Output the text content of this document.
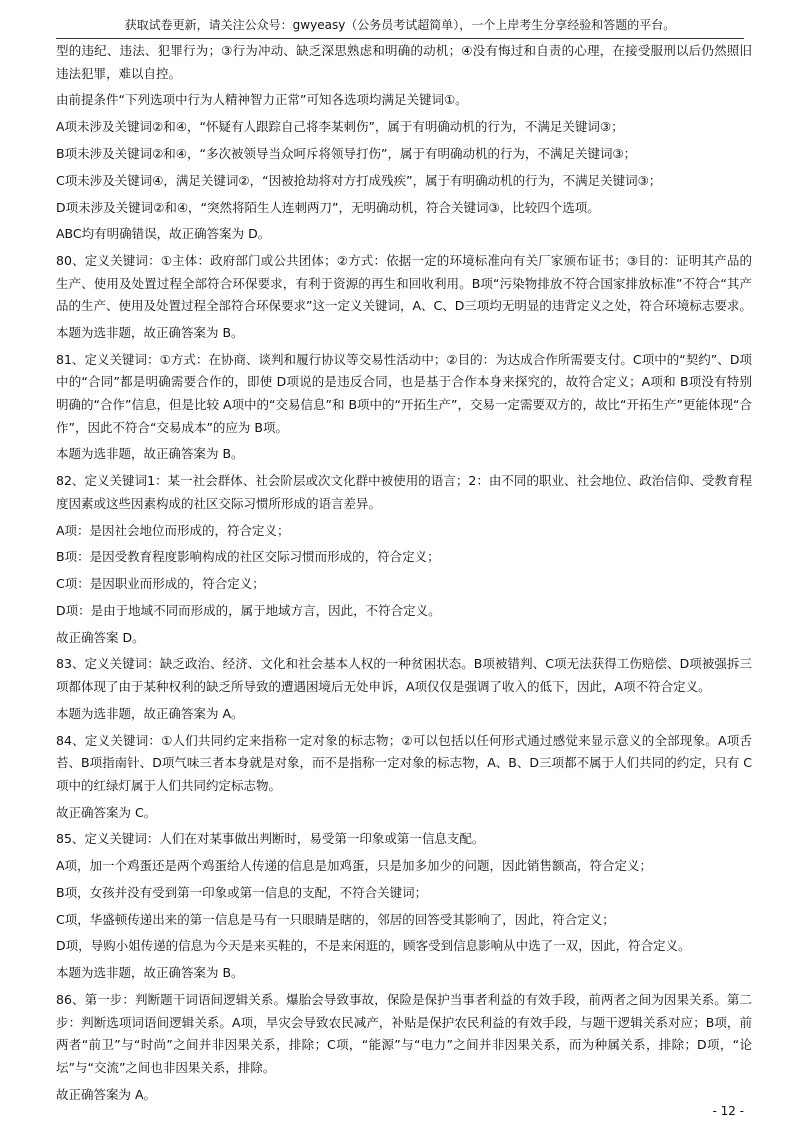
获取试卷更新，请关注公众号：gwyeasy（公务员考试超简单），一个上岸考生分享经验和答题的平台。
型的违纪、违法、犯罪行为；③行为冲动、缺乏深思熟虑和明确的动机；④没有悔过和自责的心理，在接受服刑以后仍然照旧违法犯罪，难以自控。
由前提条件“下列选项中行为人精神智力正常”可知各选项均满足关键词①。
A项未涉及关键词②和④，“怀疑有人跟踪自己将李某刺伤”，属于有明确动机的行为，不满足关键词③；
B项未涉及关键词②和④，“多次被领导当众呵斥将领导打伤”，属于有明确动机的行为，不满足关键词③；
C项未涉及关键词④，满足关键词②，“因被抢劫将对方打成残疾”，属于有明确动机的行为，不满足关键词③；
D项未涉及关键词②和④，“突然将陌生人连刺两刀”，无明确动机，符合关键词③，比较四个选项。
ABC均有明确错误，故正确答案为 D。
80、定义关键词：①主体：政府部门或公共团体；②方式：依据一定的环境标准向有关厂家颁布证书；③目的：证明其产品的生产、使用及处置过程全部符合环保要求，有利于资源的再生和回收利用。B项“污染物排放不符合国家排放标准”不符合“其产品的生产、使用及处置过程全部符合环保要求”这一定义关键词，A、C、D三项均无明显的违背定义之处，符合环境标志要求。
本题为选非题，故正确答案为 B。
81、定义关键词：①方式：在协商、谈判和履行协议等交易性活动中；②目的：为达成合作所需要支付。C项中的“契约”、D项中的“合同”都是明确需要合作的，即使 D项说的是违反合同，也是基于合作本身来探究的，故符合定义；A项和 B项没有特别明确的“合作”信息，但是比较 A项中的“交易信息”和 B项中的“开拓生产”，交易一定需要双方的，故比“开拓生产”更能体现“合作”，因此不符合“交易成本”的应为 B项。
本题为选非题，故正确答案为 B。
82、定义关键词1：某一社会群体、社会阶层或次文化群中被使用的语言；2：由不同的职业、社会地位、政治信仰、受教育程度因素或这些因素构成的社区交际习惯所形成的语言差异。
A项：是因社会地位而形成的，符合定义；
B项：是因受教育程度影响构成的社区交际习惯而形成的，符合定义；
C项：是因职业而形成的，符合定义；
D项：是由于地域不同而形成的，属于地域方言，因此，不符合定义。
故正确答案 D。
83、定义关键词：缺乏政治、经济、文化和社会基本人权的一种贫困状态。B项被错判、C项无法获得工伤赔偿、D项被强拆三项都体现了由于某种权利的缺乏所导致的遭遇困境后无处申诉，A项仅仅是强调了收入的低下，因此，A项不符合定义。
本题为选非题，故正确答案为 A。
84、定义关键词：①人们共同约定来指称一定对象的标志物；②可以包括以任何形式通过感觉来显示意义的全部现象。A项舌苔、B项指南针、D项气味三者本身就是对象，而不是指称一定对象的标志物，A、B、D三项都不属于人们共同的约定，只有 C项中的红绿灯属于人们共同约定标志物。
故正确答案为 C。
85、定义关键词：人们在对某事做出判断时，易受第一印象或第一信息支配。
A项，加一个鸡蛋还是两个鸡蛋给人传递的信息是加鸡蛋，只是加多加少的问题，因此销售额高，符合定义；
B项，女孩并没有受到第一印象或第一信息的支配，不符合关键词；
C项，华盛顿传递出来的第一信息是马有一只眼睛是瞎的，邻居的回答受其影响了，因此，符合定义；
D项，导购小姐传递的信息为今天是来买鞋的，不是来闲逛的，顾客受到信息影响从中选了一双，因此，符合定义。
本题为选非题，故正确答案为 B。
86、第一步：判断题干词语间逻辑关系。爆胎会导致事故，保险是保护当事者利益的有效手段，前两者之间为因果关系。第二步：判断选项词语间逻辑关系。A项，旱灾会导致农民减产，补贴是保护农民利益的有效手段，与题干逻辑关系对应；B项，前两者“前卫”与“时尚”之间并非因果关系，排除；C项，“能源”与“电力”之间并非因果关系，而为种属关系，排除；D项，“论坛”与“交流”之间也非因果关系，排除。
故正确答案为 A。
- 12 -
